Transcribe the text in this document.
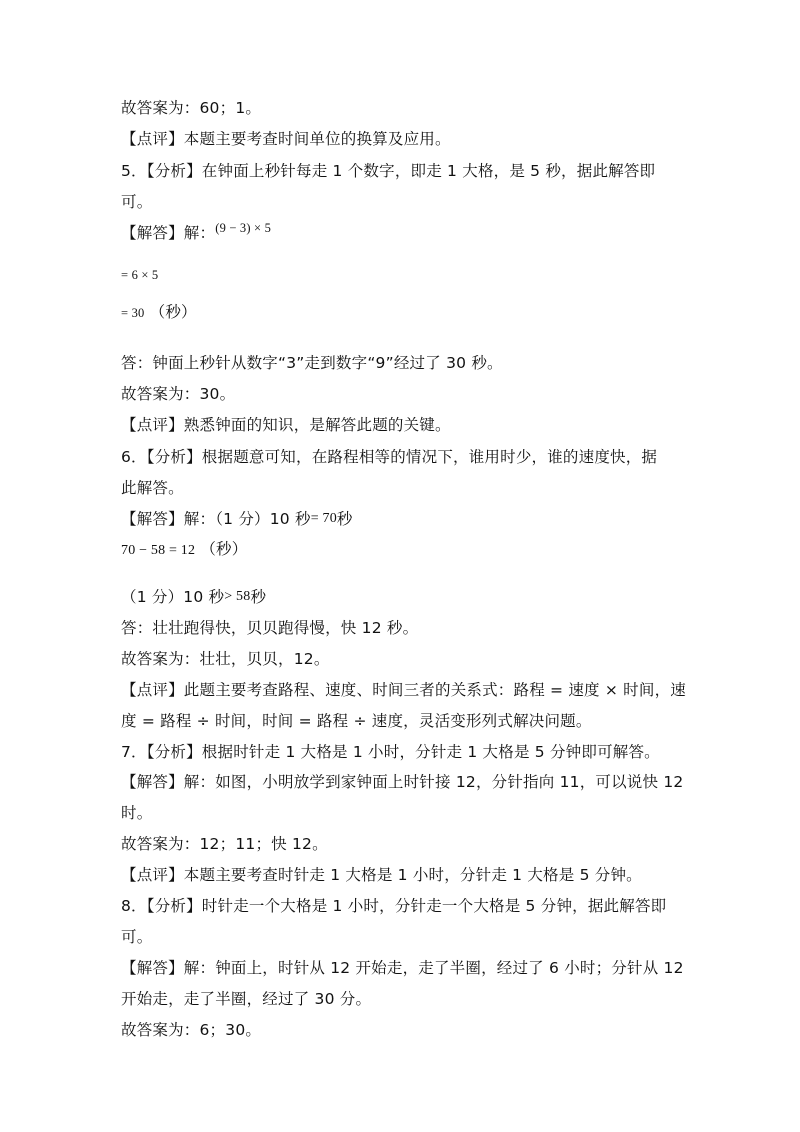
故答案为：60；1。
【点评】本题主要考查时间单位的换算及应用。
5．【分析】在钟面上秒针每走 1 个数字，即走 1 大格，是 5 秒，据此解答即
可。
【解答】解：$^{(9 - 3) \times 5}$
= 6 × 5
= 30 （秒）
答：钟面上秒针从数字“3”走到数字“9”经过了 30 秒。
故答案为：30。
【点评】熟悉钟面的知识，是解答此题的关键。
6．【分析】根据题意可知，在路程相等的情况下，谁用时少，谁的速度快，据
此解答。
【解答】解：（1 分）10 秒= 70秒
70 − 58 = 12 （秒）
（1 分）10 秒> 58秒
答：壮壮跑得快，贝贝跑得慢，快 12 秒。
故答案为：壮壮，贝贝，12。
【点评】此题主要考查路程、速度、时间三者的关系式：路程 = 速度 × 时间，速
度 = 路程 ÷ 时间，时间 = 路程 ÷ 速度，灵活变形列式解决问题。
7．【分析】根据时针走 1 大格是 1 小时，分针走 1 大格是 5 分钟即可解答。
【解答】解：如图，小明放学到家钟面上时针接 12，分针指向 11，可以说快 12
时。
故答案为：12；11；快 12。
【点评】本题主要考查时针走 1 大格是 1 小时，分针走 1 大格是 5 分钟。
8．【分析】时针走一个大格是 1 小时，分针走一个大格是 5 分钟，据此解答即
可。
【解答】解：钟面上，时针从 12 开始走，走了半圈，经过了 6 小时；分针从 12
开始走，走了半圈，经过了 30 分。
故答案为：6；30。
